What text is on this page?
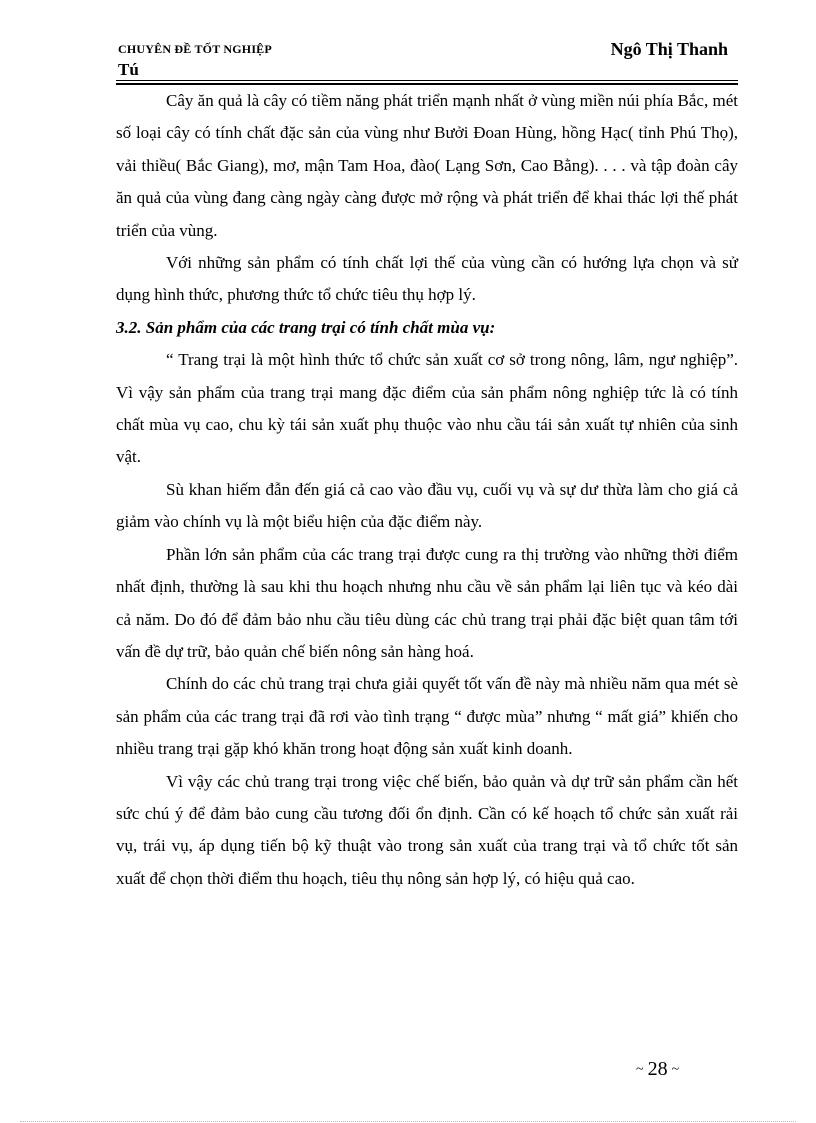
CHUYÊN ĐỀ TỐT NGHIỆP
Tú
Ngô Thị Thanh

Cây ăn quả là cây có tiềm năng phát triển mạnh nhất ở vùng miền núi phía Bắc, mét số loại cây có tính chất đặc sản của vùng như Bưởi Đoan Hùng, hồng Hạc( tỉnh Phú Thọ), vải thiều( Bắc Giang), mơ, mận Tam Hoa, đào( Lạng Sơn, Cao Bằng). . . . và tập đoàn cây ăn quả của vùng đang càng ngày càng được mở rộng và phát triển để khai thác lợi thế phát triển của vùng.

Với những sản phẩm có tính chất lợi thế của vùng cần có hướng lựa chọn và sử dụng hình thức, phương thức tổ chức tiêu thụ hợp lý.

3.2. Sản phẩm của các trang trại có tính chất mùa vụ:

“ Trang trại là một hình thức tổ chức sản xuất cơ sở trong nông, lâm, ngư nghiệp”. Vì vậy sản phẩm của trang trại mang đặc điểm của sản phẩm nông nghiệp tức là có tính chất mùa vụ cao, chu kỳ tái sản xuất phụ thuộc vào nhu cầu tái sản xuất tự nhiên của sinh vật.

Sù khan hiếm đẫn đến giá cả cao vào đầu vụ, cuối vụ và sự dư thừa làm cho giá cả giảm vào chính vụ là một biểu hiện của đặc điểm này.

Phần lớn sản phẩm của các trang trại được cung ra thị trường vào những thời điểm nhất định, thường là sau khi thu hoạch nhưng nhu cầu về sản phẩm lại liên tục và kéo dài cả năm. Do đó để đảm bảo nhu cầu tiêu dùng các chủ trang trại phải đặc biệt quan tâm tới vấn đề dự trữ, bảo quản chế biến nông sản hàng hoá.

Chính do các chủ trang trại chưa giải quyết tốt vấn đề này mà nhiều năm qua mét sè sản phẩm của các trang trại đã rơi vào tình trạng “ được mùa” nhưng “ mất giá” khiến cho nhiều trang trại gặp khó khăn trong hoạt động sản xuất kinh doanh.

Vì vậy các chủ trang trại trong việc chế biến, bảo quản và dự trữ sản phẩm cần hết sức chú ý để đảm bảo cung cầu tương đối ổn định. Cần có kế hoạch tổ chức sản xuất rải vụ, trái vụ, áp dụng tiến bộ kỹ thuật vào trong sản xuất của trang trại và tổ chức tốt sản xuất để chọn thời điểm thu hoạch, tiêu thụ nông sản hợp lý, có hiệu quả cao.

~ 28 ~
